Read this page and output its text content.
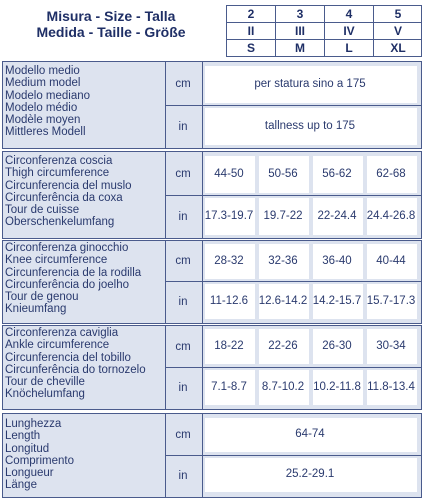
Misura - Size - Talla
Medida - Taille - Größe
2	3	4	5
II	III	IV	V
S	M	L	XL
Modello medio
Medium model
Modelo mediano
Modelo médio
Modèle moyen
Mittleres Modell
cm
in
per statura sino a 175
tallness up to 175
Circonferenza coscia
Thigh circumference
Circunferencia del muslo
Circunferência da coxa
Tour de cuisse
Oberschenkelumfang
cm
in
44-50	50-56	56-62	62-68
17.3-19.7 19.7-22	22-24.4 24.4-26.8
Circonferenza ginocchio
Knee circumference
Circunferencia de la rodilla
Circunferência do joelho
Tour de genou
Knieumfang
cm
in
28-32	32-36	36-40	40-44
11-12.6 12.6-14.2 14.2-15.7 15.7-17.3
Circonferenza caviglia
Ankle circumference
Circunferencia del tobillo
Circunferência do tornozelo
Tour de cheville
Knöchelumfang
cm
in
18-22	22-26	26-30	30-34
7.1-8.7	8.7-10.2 10.2-11.8 11.8-13.4
Lunghezza
Length
Longitud
Comprimento
Longueur
Länge
cm
in
64-74
25.2-29.1
